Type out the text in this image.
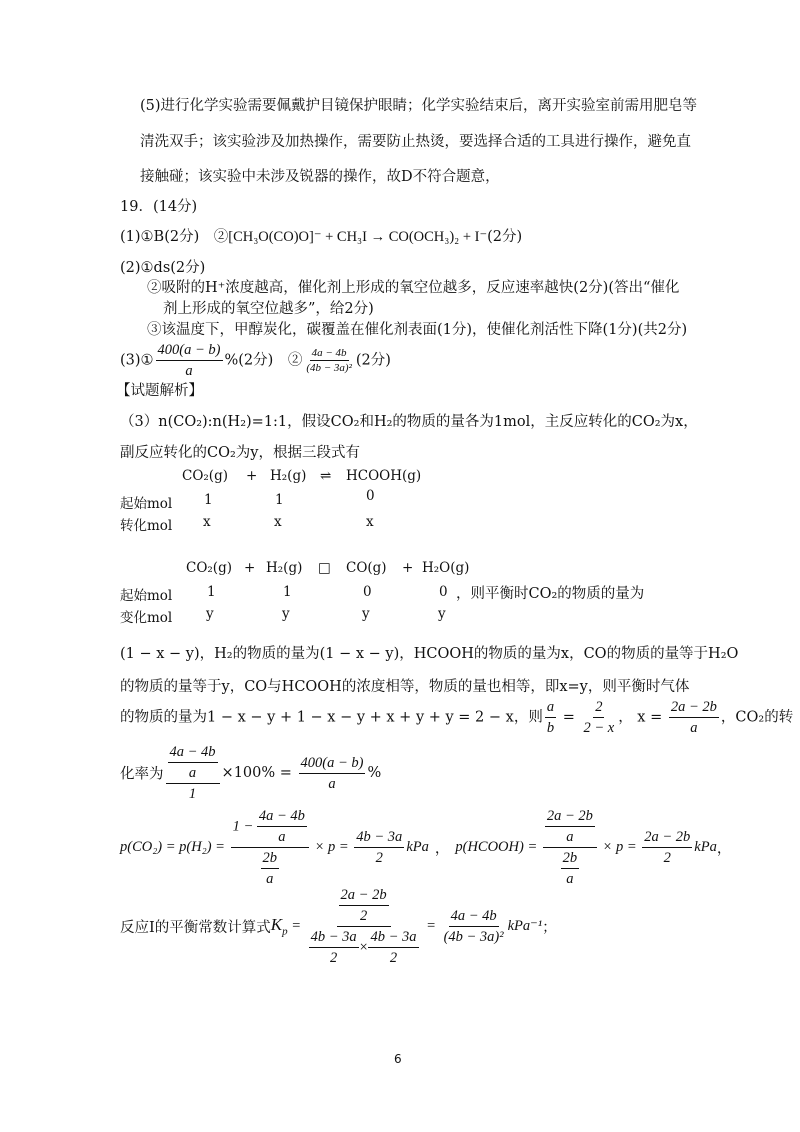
(5)进行化学实验需要佩戴护目镜保护眼睛；化学实验结束后，离开实验室前需用肥皂等
清洗双手；该实验涉及加热操作，需要防止热烫，要选择合适的工具进行操作，避免直
接触碰；该实验中未涉及锐器的操作，故D不符合题意，
19．(14分)
(1)①B(2分)　②[CH₃O(CO)O]⁻ + CH₃I → CO(OCH₃)₂ + I⁻(2分)
(2)①ds(2分)
②吸附的H⁺浓度越高，催化剂上形成的氧空位越多，反应速率越快(2分)(答出“催化
剂上形成的氧空位越多”，给2分)
③该温度下，甲醇炭化，碳覆盖在催化剂表面(1分)，使催化剂活性下降(1分)(共2分)
(3)① $\frac{400(a - b)}{a} \%(2$分)　② $\frac{4a - 4b}{\text{(4b − 3a)²}} (2$分)
【试题解析】
（3）n(CO₂):n(H₂)=1:1，假设CO₂和H₂的物质的量各为1mol，主反应转化的CO₂为x，
副反应转化的CO₂为y，根据三段式有
CO₂(g) + H₂(g) ⇌ HCOOH(g)
起始mol 1	1	0
转化mol x	x	x
CO₂(g) + H₂(g) □ CO(g) + H₂O(g)
起始mol	1	1	0	0 ，则平衡时CO₂的物质的量为
变化mol	y	y	y	y
(1 − x − y)，H₂的物质的量为(1 − x − y)，HCOOH的物质的量为x，CO的物质的量等于H₂O
的物质的量等于y，CO与HCOOH的浓度相等，物质的量也相等，即x=y，则平衡时气体
的物质的量为1 − x − y + 1 − x − y + x + y + y = 2 − x，则 $\frac{a}{b} = \frac{2}{2 - x}$ ， $x = \frac{2a - 2b}{a}$ ，CO₂的转
化率为 $\frac{\frac{4a - 4b}{a}}{1} \times 100\% = \frac{400(a - b)}{a}$ %
$p(CO_2) = p(H_2) = \frac{1 - \frac{4a - 4b}{a}}{\frac{2b}{a}} \times p = \frac{4b - 3a}{2}$ kPa ， p(HCOOH) = $\frac{\frac{2a - 2b}{a}}{\frac{2b}{a}} \times p = \frac{2a - 2b}{2}$ kPa，
反应Ⅰ的平衡常数计算式$K_p = \frac{\frac{2a - 2b}{2}}{\frac{4b - 3a}{2} \times \frac{4b - 3a}{2}} = \frac{4a - 4b}{\text{(4b − 3a)²}} kPa^{-1}$；
6
